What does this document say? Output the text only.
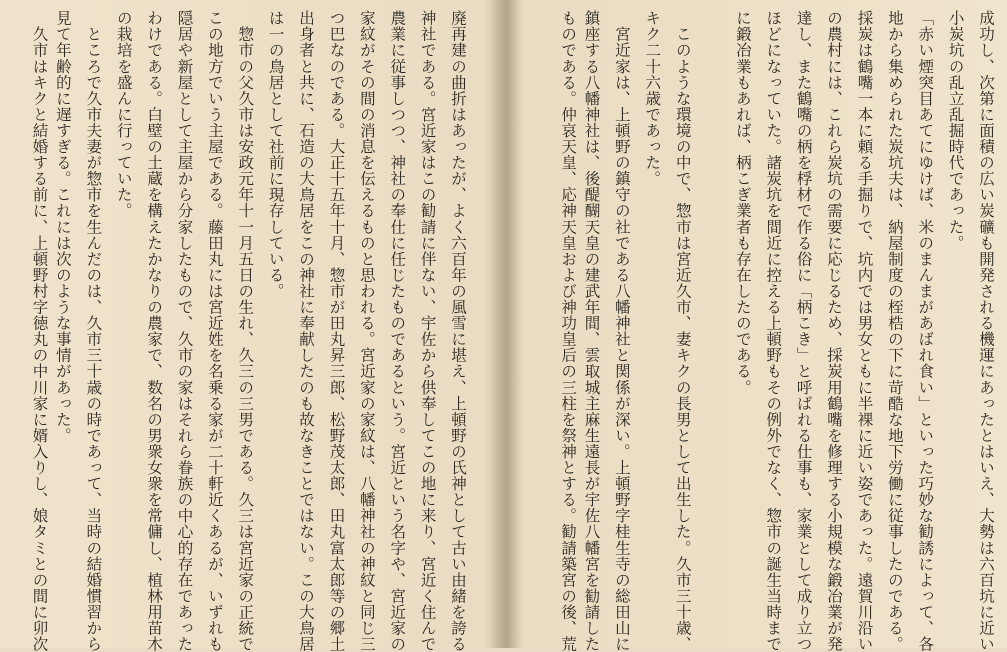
成功し、次第に面積の広い炭礦も開発される機運にあったとはいえ、大勢は六百坑に近い
小炭坑の乱立乱掘時代であった。
「赤い煙突目あてにゆけば、米のまんまがあばれ食い」といった巧妙な勧誘によって、各
地から集められた炭坑夫は、納屋制度の桎梏の下に苛酷な地下労働に従事したのである。
採炭は鶴嘴一本に頼る手掘りで、坑内では男女ともに半裸に近い姿であった。遠賀川沿い
の農村には、これら炭坑の需要に応じるため、採炭用鶴嘴を修理する小規模な鍛冶業が発
達し、また鶴嘴の柄を桴材で作る俗に「柄こき」と呼ばれる仕事も、家業として成り立つ
ほどになっていた。諸炭坑を間近に控える上頓野もその例外でなく、惣市の誕生当時まで
に鍛冶業もあれば、柄こぎ業者も存在したのである。
　このような環境の中で、惣市は宮近久市、妻キクの長男として出生した。久市三十歳、
キク二十六歳であった。
　宮近家は、上頓野の鎮守の社である八幡神社と関係が深い。上頓野字桂生寺の総田山に
鎮座する八幡神社は、後醍醐天皇の建武年間、雲取城主麻生遠長が宇佐八幡宮を勧請した
ものである。仲哀天皇、応神天皇および神功皇后の三柱を祭神とする。勧請築宮の後、荒
廃再建の曲折はあったが、よく六百年の風雪に堪え、上頓野の氏神として古い由緒を誇る
神社である。宮近家はこの勧請に伴ない、宇佐から供奉してこの地に来り、宮近く住んで
農業に従事しつつ、神社の奉仕に任じたものであるという。宮近という名字や、宮近家の
家紋がその間の消息を伝えるものと思われる。宮近家の家紋は、八幡神社の神紋と同じ三
つ巴なのである。大正十五年十月、惣市が田丸昇三郎、松野茂太郎、田丸富太郎等の郷土
出身者と共に、石造の大鳥居をこの神社に奉献したのも故なきことではない。この大鳥居
は一の鳥居として社前に現存している。
　惣市の父久市は安政元年十一月五日の生れ、久三の三男である。久三は宮近家の正統で
この地方でいう主屋である。藤田丸には宮近姓を名乗る家が二十軒近くあるが、いずれも
隠居や新屋として主屋から分家したもので、久市の家はそれら眷族の中心的存在であった
わけである。白壁の土蔵を構えたかなりの農家で、数名の男衆女衆を常傭し、植林用苗木
の栽培を盛んに行っていた。
　ところで久市夫妻が惣市を生んだのは、久市三十歳の時であって、当時の結婚慣習から
見て年齢的に遅すぎる。これには次のような事情があった。
　久市はキクと結婚する前に、上頓野村字徳丸の中川家に婿入りし、娘タミとの間に卯次
